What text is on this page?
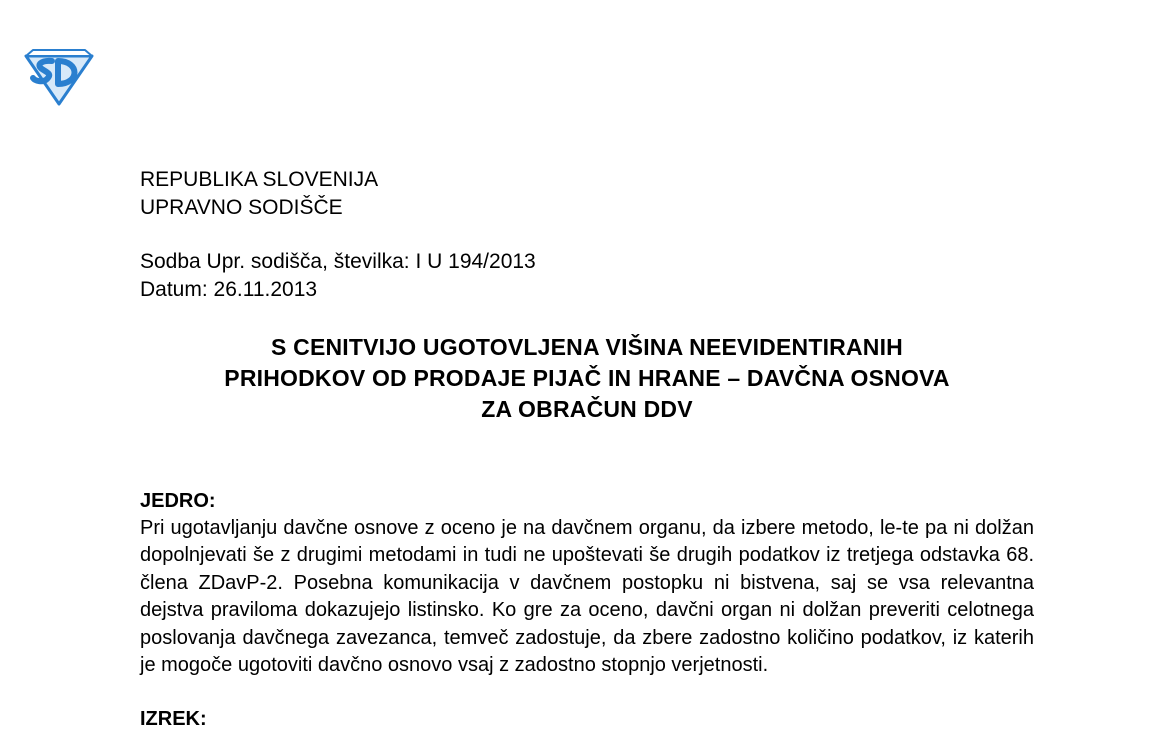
REPUBLIKA SLOVENIJA
UPRAVNO SODIŠČE
Sodba Upr. sodišča, številka: I U 194/2013
Datum: 26.11.2013
S CENITVIJO UGOTOVLJENA VIŠINA NEEVIDENTIRANIH
PRIHODKOV OD PRODAJE PIJAČ IN HRANE – DAVČNA OSNOVA
ZA OBRAČUN DDV
JEDRO:
Pri ugotavljanju davčne osnove z oceno je na davčnem organu, da izbere metodo, le-te pa ni dolžan dopolnjevati še z drugimi metodami in tudi ne upoštevati še drugih podatkov iz tretjega odstavka 68. člena ZDavP-2. Posebna komunikacija v davčnem postopku ni bistvena, saj se vsa relevantna dejstva praviloma dokazujejo listinsko. Ko gre za oceno, davčni organ ni dolžan preveriti celotnega poslovanja davčnega zavezanca, temveč zadostuje, da zbere zadostno količino podatkov, iz katerih je mogoče ugotoviti davčno osnovo vsaj z zadostno stopnjo verjetnosti.
IZREK:
